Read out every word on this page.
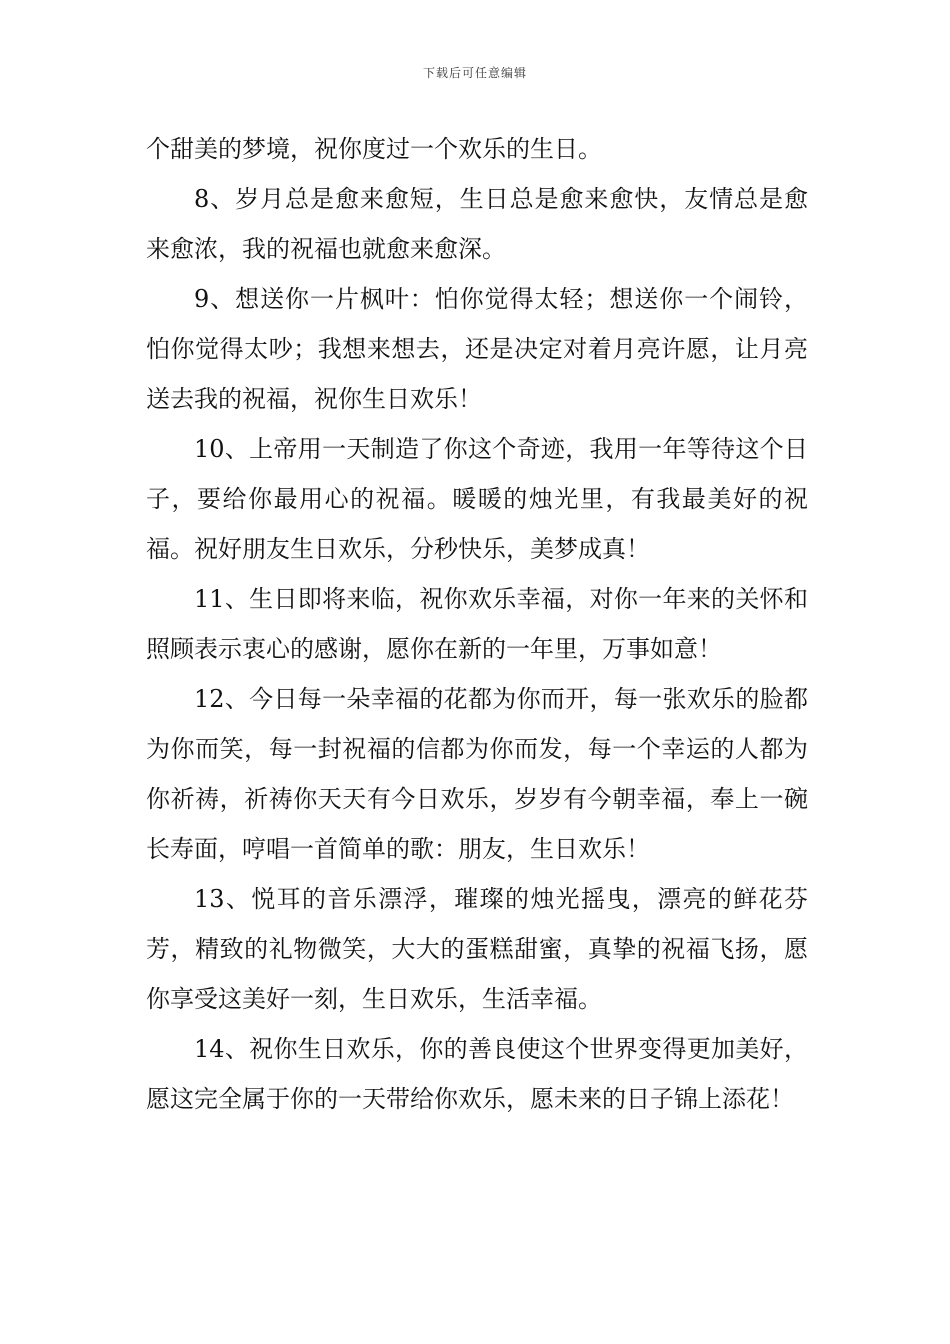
下载后可任意编辑

个甜美的梦境，祝你度过一个欢乐的生日。

8、岁月总是愈来愈短，生日总是愈来愈快，友情总是愈来愈浓，我的祝福也就愈来愈深。

9、想送你一片枫叶：怕你觉得太轻；想送你一个闹铃，怕你觉得太吵；我想来想去，还是决定对着月亮许愿，让月亮送去我的祝福，祝你生日欢乐！

10、上帝用一天制造了你这个奇迹，我用一年等待这个日子，要给你最用心的祝福。暖暖的烛光里，有我最美好的祝福。祝好朋友生日欢乐，分秒快乐，美梦成真！

11、生日即将来临，祝你欢乐幸福，对你一年来的关怀和照顾表示衷心的感谢，愿你在新的一年里，万事如意！

12、今日每一朵幸福的花都为你而开，每一张欢乐的脸都为你而笑，每一封祝福的信都为你而发，每一个幸运的人都为你祈祷，祈祷你天天有今日欢乐，岁岁有今朝幸福，奉上一碗长寿面，哼唱一首简单的歌：朋友，生日欢乐！

13、悦耳的音乐漂浮，璀璨的烛光摇曳，漂亮的鲜花芬芳，精致的礼物微笑，大大的蛋糕甜蜜，真挚的祝福飞扬，愿你享受这美好一刻，生日欢乐，生活幸福。

14、祝你生日欢乐，你的善良使这个世界变得更加美好，愿这完全属于你的一天带给你欢乐，愿未来的日子锦上添花！
